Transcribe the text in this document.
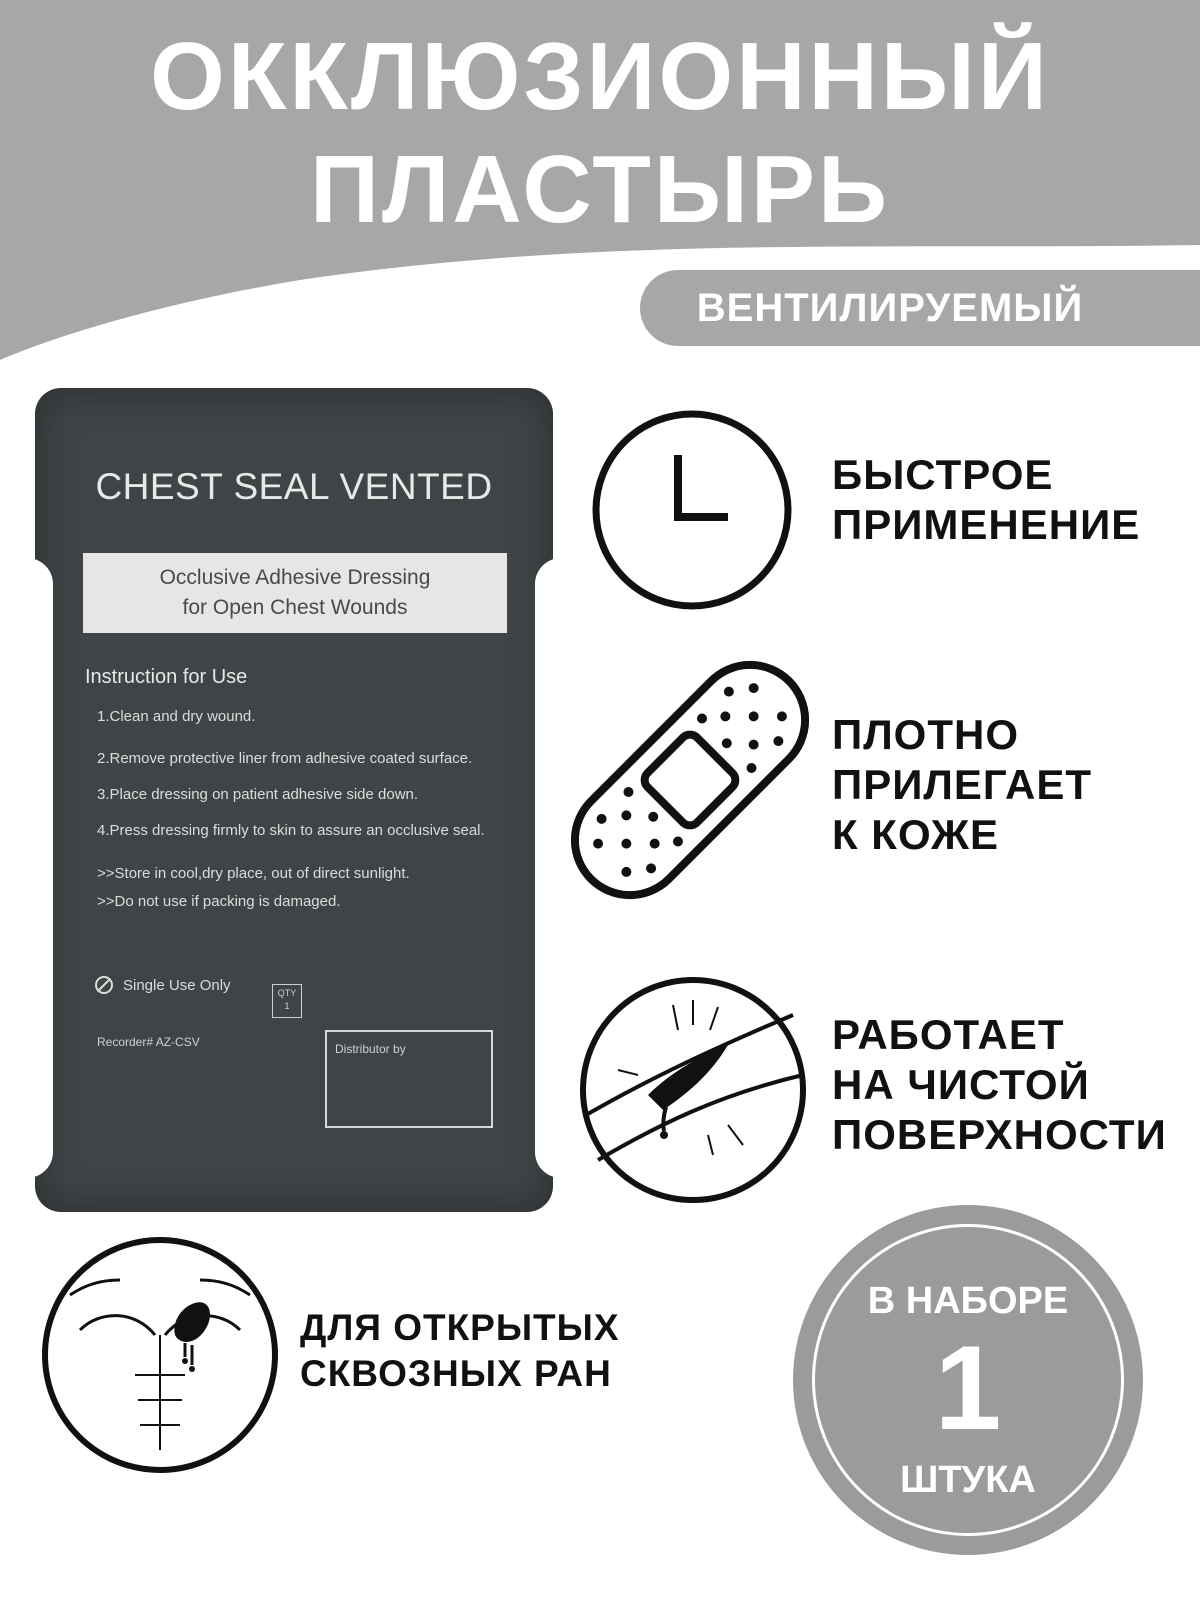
ОККЛЮЗИОННЫЙ
ПЛАСТЫРЬ
ВЕНТИЛИРУЕМЫЙ
CHEST SEAL VENTED
Occlusive Adhesive Dressing
for Open Chest Wounds
Instruction for Use
1.Clean and dry wound.
2.Remove protective liner from adhesive coated surface.
3.Place dressing on patient adhesive side down.
4.Press dressing firmly to skin to assure an occlusive seal.
>>Store in cool,dry place, out of direct sunlight.
>>Do not use if packing is damaged.
Single Use Only	QTY
1
Recorder# AZ-CSV	Distributor by
БЫСТРОЕ
ПРИМЕНЕНИЕ
ПЛОТНО
ПРИЛЕГАЕТ
К КОЖЕ
РАБОТАЕТ
НА ЧИСТОЙ
ПОВЕРХНОСТИ
ДЛЯ ОТКРЫТЫХ
СКВОЗНЫХ РАН
В НАБОРЕ
1
ШТУКА
